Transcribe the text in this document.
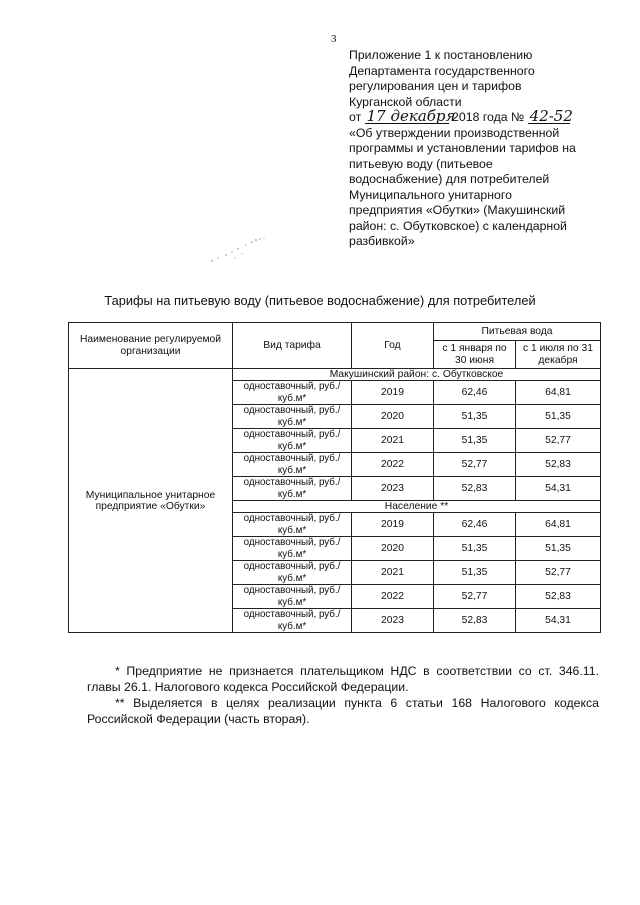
3
Приложение 1 к постановлению
Департамента государственного
регулирования цен и тарифов
Курганской области
от 17 декабря 2018 года № 42-52
«Об утверждении производственной
программы и установлении тарифов на
питьевую воду (питьевое
водоснабжение) для потребителей
Муниципального унитарного
предприятия «Обутки» (Макушинский
район: с. Обутковское) с календарной
разбивкой»
Тарифы на питьевую воду (питьевое водоснабжение) для потребителей
Наименование регулируемой организации	Вид тарифа	Год	Питьевая вода	
			с 1 января по 30 июня	с 1 июля по 31 декабря
Муниципальное унитарное предприятие «Обутки»	Макушинский район: с. Обутковское			
	одноставочный, руб./куб.м*	2019	62,46	64,81
	одноставочный, руб./куб.м*	2020	51,35	51,35
	одноставочный, руб./куб.м*	2021	51,35	52,77
	одноставочный, руб./куб.м*	2022	52,77	52,83
	одноставочный, руб./куб.м*	2023	52,83	54,31
	Население **			
	одноставочный, руб./куб.м*	2019	62,46	64,81
	одноставочный, руб./куб.м*	2020	51,35	51,35
	одноставочный, руб./куб.м*	2021	51,35	52,77
	одноставочный, руб./куб.м*	2022	52,77	52,83
	одноставочный, руб./куб.м*	2023	52,83	54,31

* Предприятие не признается плательщиком НДС в соответствии со ст. 346.11. главы 26.1. Налогового кодекса Российской Федерации.

** Выделяется в целях реализации пункта 6 статьи 168 Налогового кодекса Российской Федерации (часть вторая).
